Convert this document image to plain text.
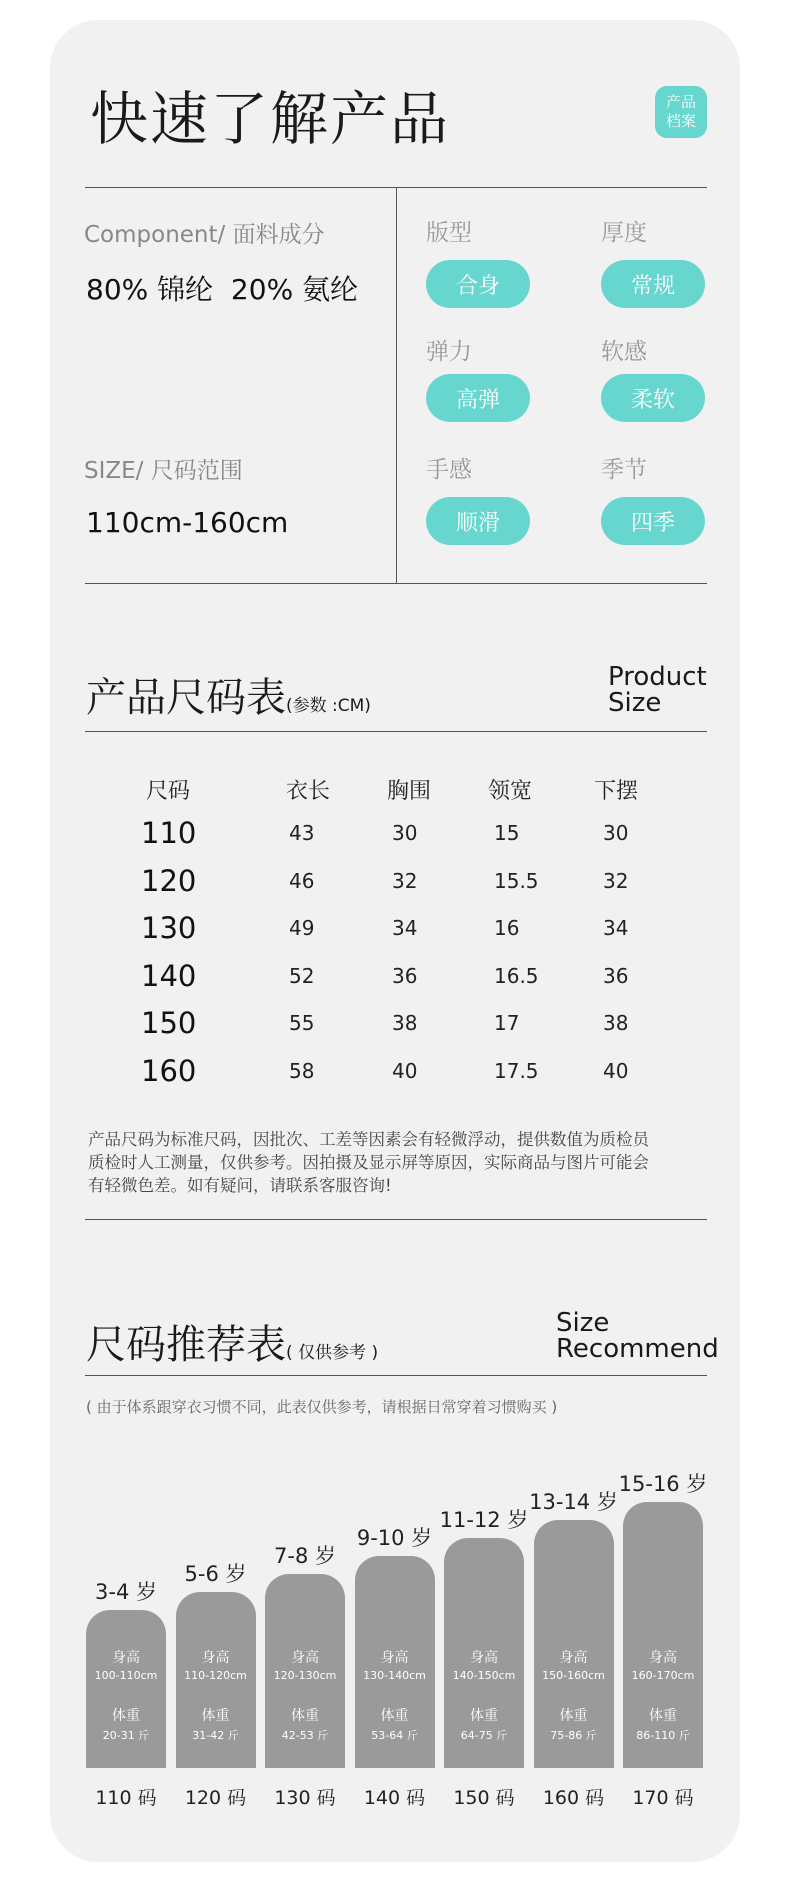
快速了解产品	产品
档案
Component/ 面料成分
80% 锦纶  20% 氨纶
SIZE/ 尺码范围
110cm-160cm
版型
合身
厚度
常规
弹力
高弹
软感
柔软
手感
顺滑
季节
四季
产品尺码表(参数 :CM)
Product
Size
尺码	衣长	胸围	领宽	下摆
110	43	30	15	30
120	46	32	15.5	32
130	49	34	16	34
140	52	36	16.5	36
150	55	38	17	38
160	58	40	17.5	40
产品尺码为标准尺码，因批次、工差等因素会有轻微浮动，提供数值为质检员
质检时人工测量，仅供参考。因拍摄及显示屏等原因，实际商品与图片可能会
有轻微色差。如有疑问，请联系客服咨询!
尺码推荐表( 仅供参考 )
Size
Recommend
( 由于体系跟穿衣习惯不同，此表仅供参考，请根据日常穿着习惯购买 )
3-4 岁
身高
100-110cm
体重
20-31 斤
110 码
5-6 岁
身高
110-120cm
体重
31-42 斤
120 码
7-8 岁
身高
120-130cm
体重
42-53 斤
130 码
9-10 岁
身高
130-140cm
体重
53-64 斤
140 码
11-12 岁
身高
140-150cm
体重
64-75 斤
150 码
13-14 岁
身高
150-160cm
体重
75-86 斤
160 码
15-16 岁
身高
160-170cm
体重
86-110 斤
170 码
